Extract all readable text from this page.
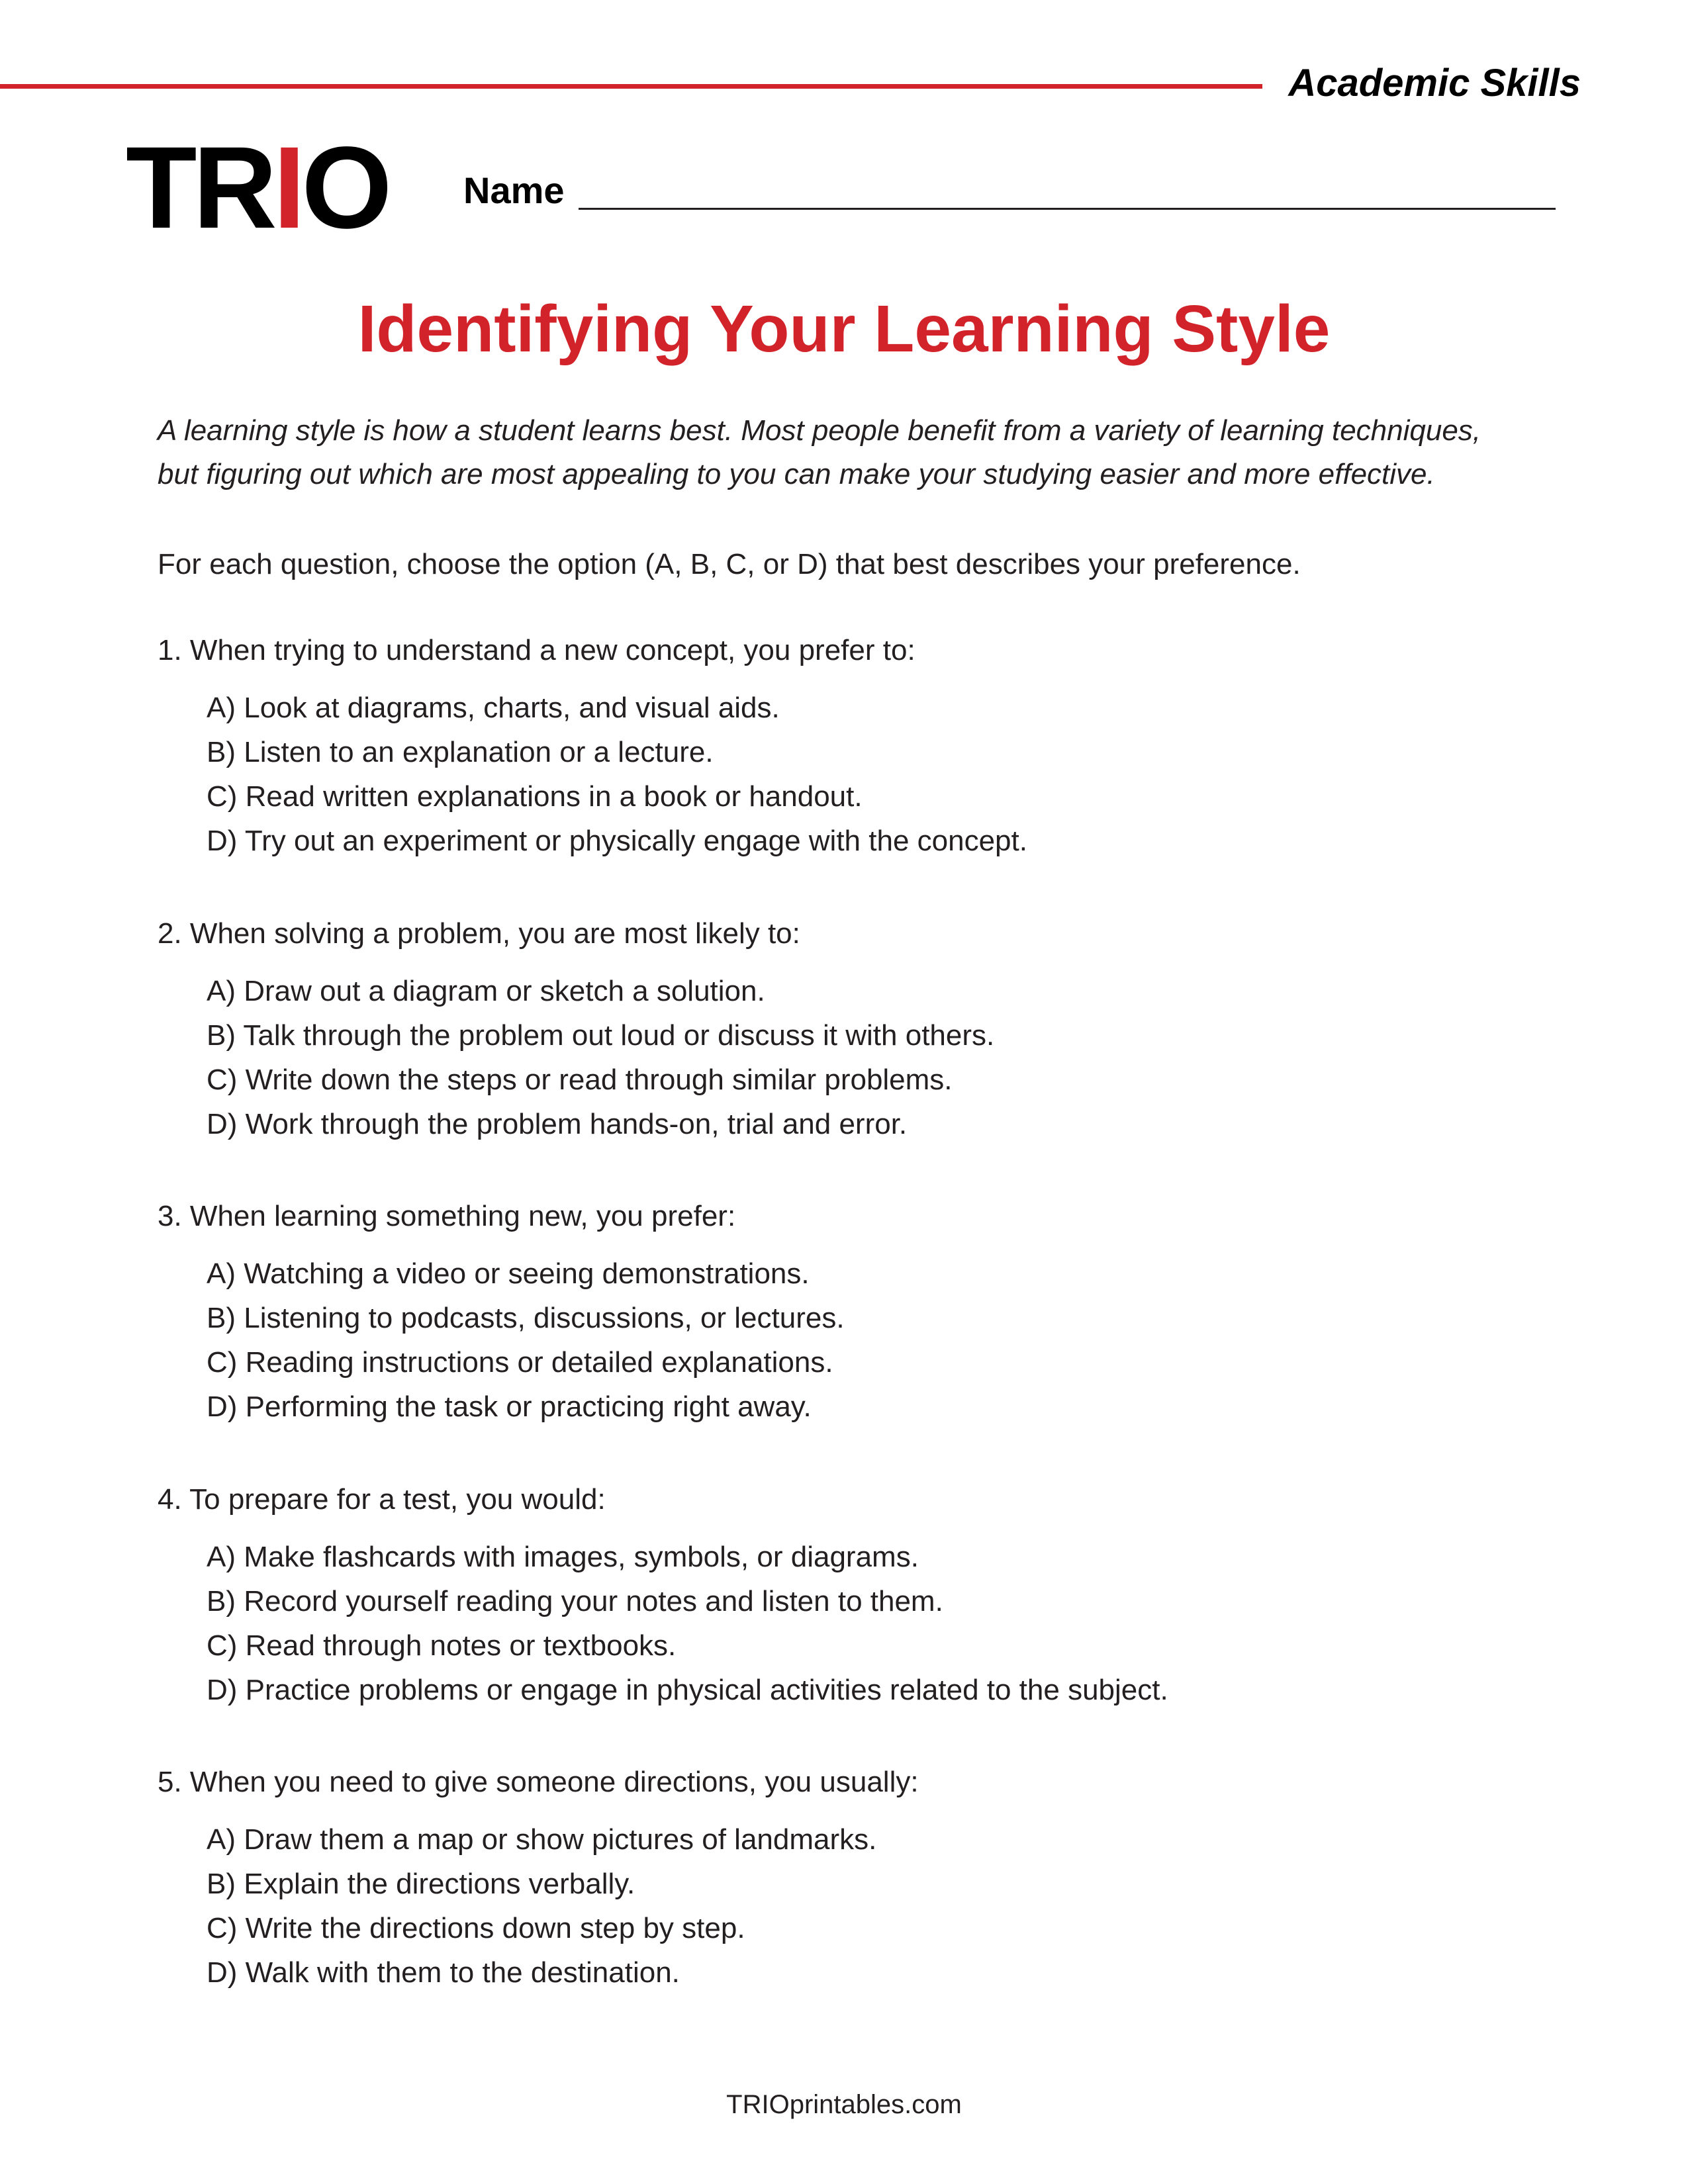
Academic Skills
TRIO Name
Identifying Your Learning Style
A learning style is how a student learns best. Most people benefit from a variety of learning techniques,
but figuring out which are most appealing to you can make your studying easier and more effective.
For each question, choose the option (A, B, C, or D) that best describes your preference.
1. When trying to understand a new concept, you prefer to:
A) Look at diagrams, charts, and visual aids.
B) Listen to an explanation or a lecture.
C) Read written explanations in a book or handout.
D) Try out an experiment or physically engage with the concept.
2. When solving a problem, you are most likely to:
A) Draw out a diagram or sketch a solution.
B) Talk through the problem out loud or discuss it with others.
C) Write down the steps or read through similar problems.
D) Work through the problem hands-on, trial and error.
3. When learning something new, you prefer:
A) Watching a video or seeing demonstrations.
B) Listening to podcasts, discussions, or lectures.
C) Reading instructions or detailed explanations.
D) Performing the task or practicing right away.
4. To prepare for a test, you would:
A) Make flashcards with images, symbols, or diagrams.
B) Record yourself reading your notes and listen to them.
C) Read through notes or textbooks.
D) Practice problems or engage in physical activities related to the subject.
5. When you need to give someone directions, you usually:
A) Draw them a map or show pictures of landmarks.
B) Explain the directions verbally.
C) Write the directions down step by step.
D) Walk with them to the destination.
TRIOprintables.com
